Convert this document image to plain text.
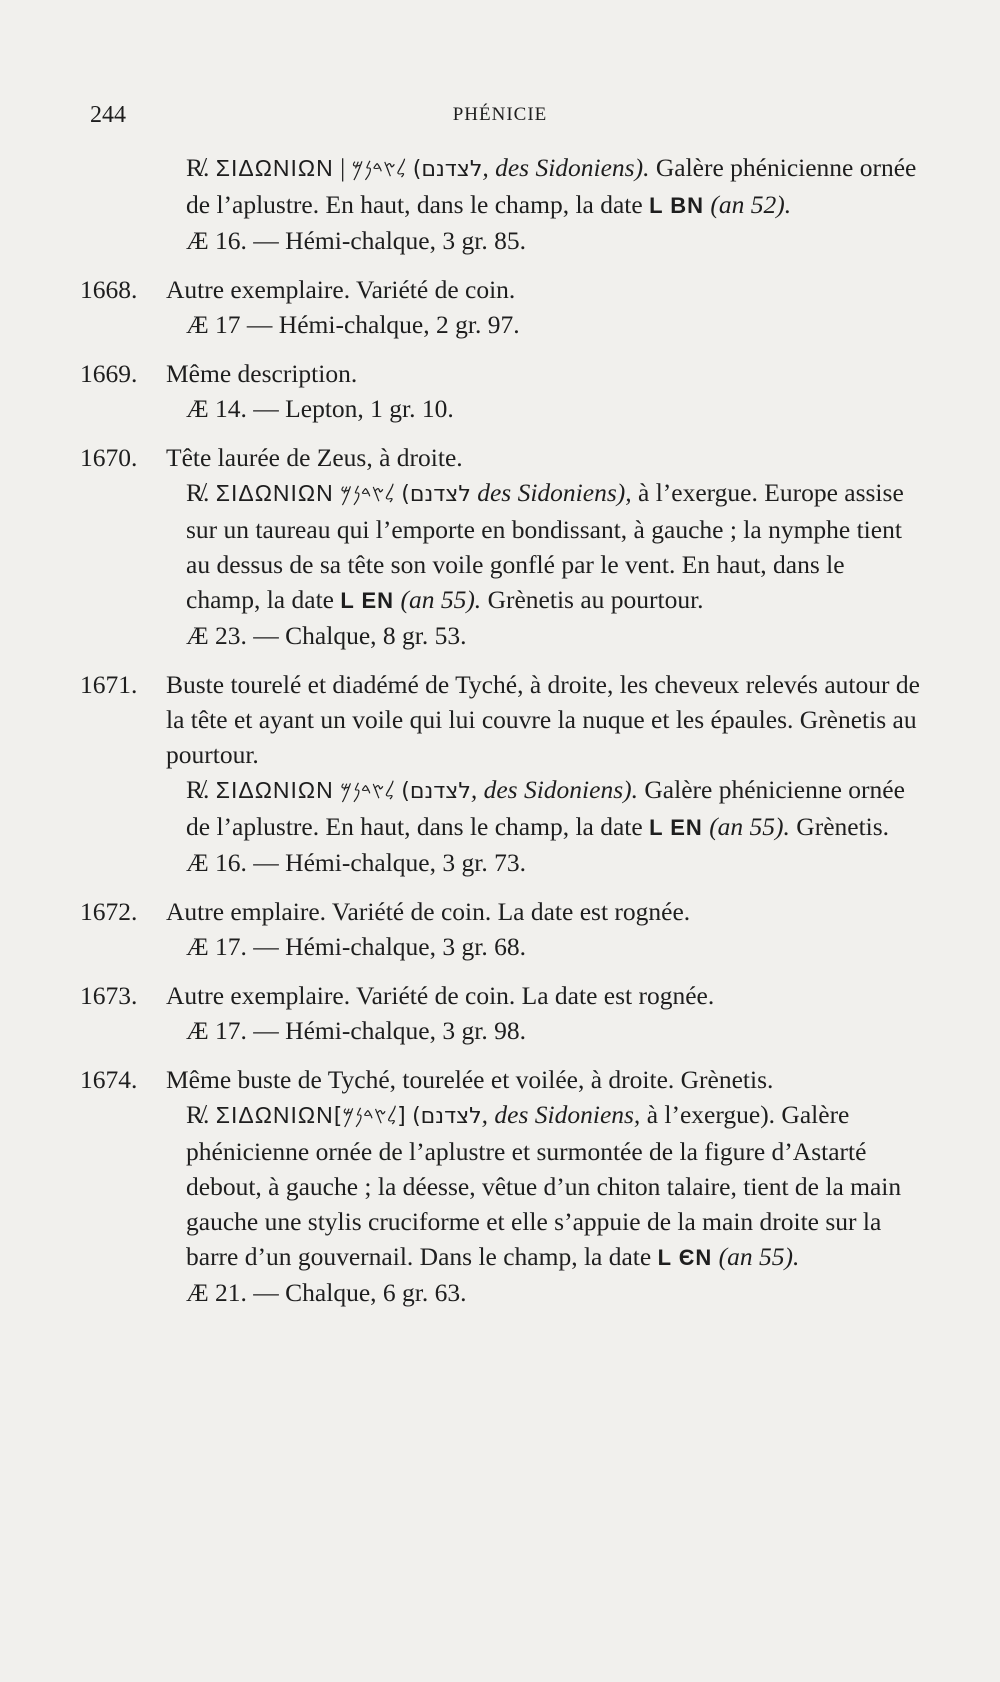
244	PHÉNICIE
R̸. ΣΙΔΩΝΙΩΝ | 𐤋𐤑𐤃𐤍𐤌 (לצדנם, des Sidoniens). Galère phénicienne ornée de l’aplustre. En haut, dans le champ, la date L BN (an 52).
Æ 16. — Hémi-chalque, 3 gr. 85.
1668.	Autre exemplaire. Variété de coin.
Æ 17 — Hémi-chalque, 2 gr. 97.
1669.	Même description.
Æ 14. — Lepton, 1 gr. 10.
1670.	Tête laurée de Zeus, à droite.
R̸. ΣΙΔΩΝΙΩΝ 𐤋𐤑𐤃𐤍𐤌 (לצדנם des Sidoniens), à l’exergue. Europe assise sur un taureau qui l’emporte en bondissant, à gauche ; la nymphe tient au dessus de sa tête son voile gonflé par le vent. En haut, dans le champ, la date L EN (an 55). Grènetis au pourtour.
Æ 23. — Chalque, 8 gr. 53.
1671.	Buste tourelé et diadémé de Tyché, à droite, les cheveux relevés autour de la tête et ayant un voile qui lui couvre la nuque et les épaules. Grènetis au pourtour.
R̸. ΣΙΔΩΝΙΩΝ 𐤋𐤑𐤃𐤍𐤌 (לצדנם, des Sidoniens). Galère phénicienne ornée de l’aplustre. En haut, dans le champ, la date L EN (an 55). Grènetis.
Æ 16. — Hémi-chalque, 3 gr. 73.
1672.	Autre emplaire. Variété de coin. La date est rognée.
Æ 17. — Hémi-chalque, 3 gr. 68.
1673.	Autre exemplaire. Variété de coin. La date est rognée.
Æ 17. — Hémi-chalque, 3 gr. 98.
1674.	Même buste de Tyché, tourelée et voilée, à droite. Grènetis.
R̸. ΣΙΔΩΝΙΩΝ[𐤋𐤑𐤃𐤍𐤌] (לצדנם, des Sidoniens, à l’exergue). Galère phénicienne ornée de l’aplustre et surmontée de la figure d’Astarté debout, à gauche ; la déesse, vêtue d’un chiton talaire, tient de la main gauche une stylis cruciforme et elle s’appuie de la main droite sur la barre d’un gouvernail. Dans le champ, la date L ЄN (an 55).
Æ 21. — Chalque, 6 gr. 63.
